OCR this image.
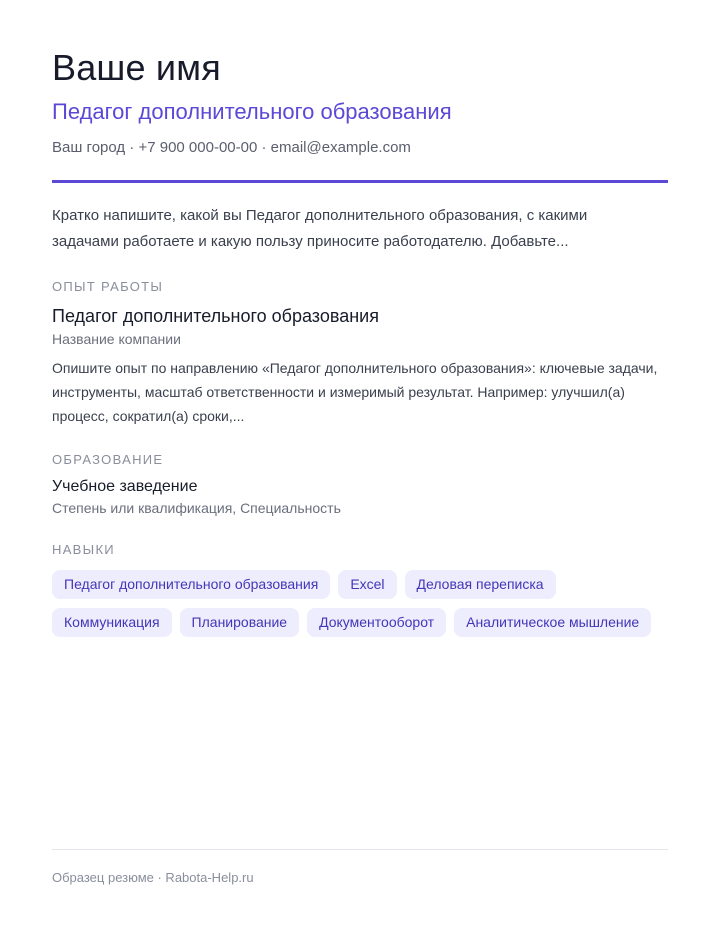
Ваше имя
Педагог дополнительного образования
Ваш город · +7 900 000-00-00 · email@example.com

Кратко напишите, какой вы Педагог дополнительного образования, с какими задачами работаете и какую пользу приносите работодателю. Добавьте...

ОПЫТ РАБОТЫ
Педагог дополнительного образования
Название компании

Опишите опыт по направлению «Педагог дополнительного образования»: ключевые задачи, инструменты, масштаб ответственности и измеримый результат. Например: улучшил(а) процесс, сократил(а) сроки,...

ОБРАЗОВАНИЕ
Учебное заведение
Степень или квалификация, Специальность
НАВЫКИ
Педагог дополнительного образования	Excel	Деловая переписка
Коммуникация	Планирование	Документооборот	Аналитическое мышление
Образец резюме · Rabota-Help.ru
